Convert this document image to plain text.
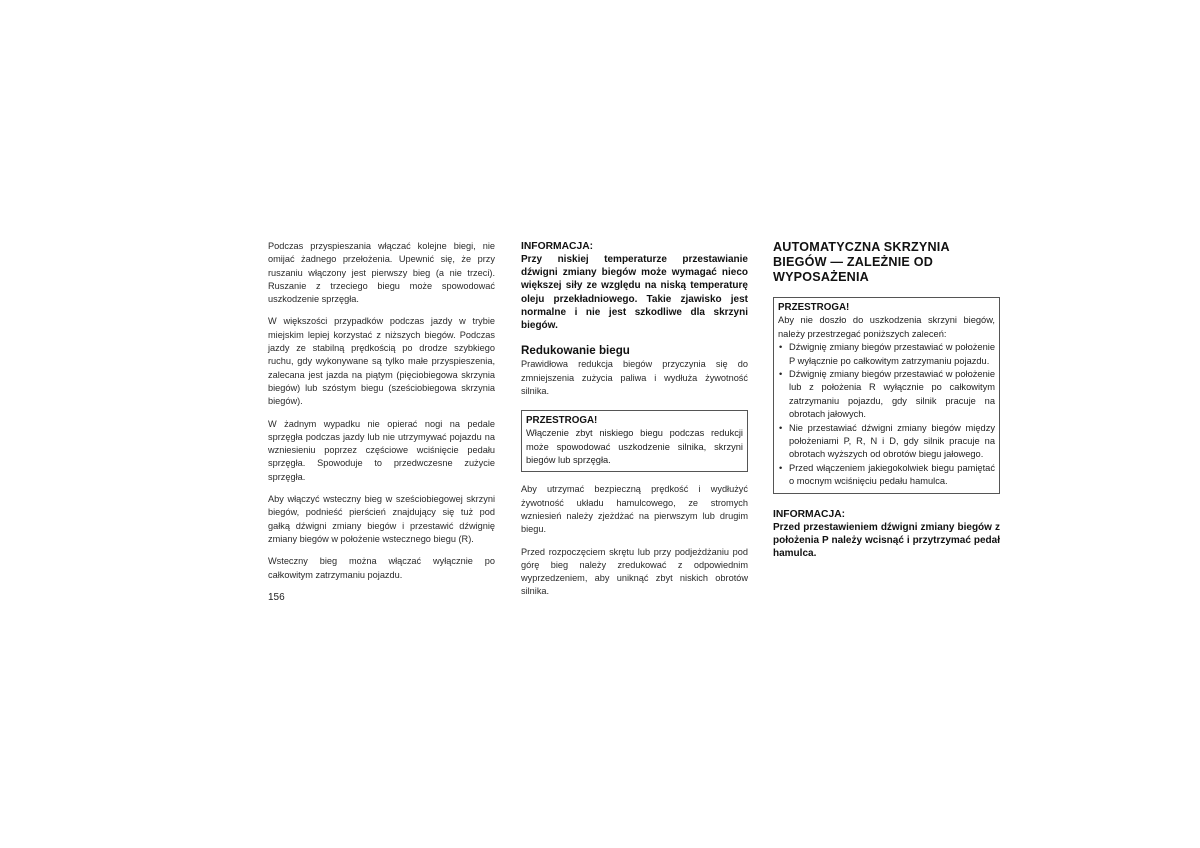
Podczas przyspieszania włączać kolejne biegi, nie omijać żadnego przełożenia. Upewnić się, że przy ruszaniu włączony jest pierwszy bieg (a nie trzeci). Ruszanie z trzeciego biegu może spowodować uszkodzenie sprzęgła.

W większości przypadków podczas jazdy w trybie miejskim lepiej korzystać z niższych biegów. Podczas jazdy ze stabilną prędkością po drodze szybkiego ruchu, gdy wykonywane są tylko małe przyspieszenia, zalecana jest jazda na piątym (pięciobiegowa skrzynia biegów) lub szóstym biegu (sześciobiegowa skrzynia biegów).

W żadnym wypadku nie opierać nogi na pedale sprzęgła podczas jazdy lub nie utrzymywać pojazdu na wzniesieniu poprzez częściowe wciśnięcie pedału sprzęgła. Spowoduje to przedwczesne zużycie sprzęgła.

Aby włączyć wsteczny bieg w sześciobiegowej skrzyni biegów, podnieść pierścień znajdujący się tuż pod gałką dźwigni zmiany biegów i przestawić dźwignię zmiany biegów w położenie wstecznego biegu (R).

Wsteczny bieg można włączać wyłącznie po całkowitym zatrzymaniu pojazdu.

INFORMACJA:

Przy niskiej temperaturze przestawianie dźwigni zmiany biegów może wymagać nieco większej siły ze względu na niską temperaturę oleju przekładniowego. Takie zjawisko jest normalne i nie jest szkodliwe dla skrzyni biegów.

Redukowanie biegu

Prawidłowa redukcja biegów przyczynia się do zmniejszenia zużycia paliwa i wydłuża żywotność silnika.

PRZESTROGA!

Włączenie zbyt niskiego biegu podczas redukcji może spowodować uszkodzenie silnika, skrzyni biegów lub sprzęgła.

Aby utrzymać bezpieczną prędkość i wydłużyć żywotność układu hamulcowego, ze stromych wzniesień należy zjeżdżać na pierwszym lub drugim biegu.

Przed rozpoczęciem skrętu lub przy podjeżdżaniu pod górę bieg należy zredukować z odpowiednim wyprzedzeniem, aby uniknąć zbyt niskich obrotów silnika.

AUTOMATYCZNA SKRZYNIA BIEGÓW — ZALEŻNIE OD WYPOSAŻENIA

PRZESTROGA!

Aby nie doszło do uszkodzenia skrzyni biegów, należy przestrzegać poniższych zaleceń:

• Dźwignię zmiany biegów przestawiać w położenie P wyłącznie po całkowitym zatrzymaniu pojazdu.
• Dźwignię zmiany biegów przestawiać w położenie lub z położenia R wyłącznie po całkowitym zatrzymaniu pojazdu, gdy silnik pracuje na obrotach jałowych.
• Nie przestawiać dźwigni zmiany biegów między położeniami P, R, N i D, gdy silnik pracuje na obrotach wyższych od obrotów biegu jałowego.
• Przed włączeniem jakiegokolwiek biegu pamiętać o mocnym wciśnięciu pedału hamulca.

INFORMACJA:

Przed przestawieniem dźwigni zmiany biegów z położenia P należy wcisnąć i przytrzymać pedał hamulca.

156
